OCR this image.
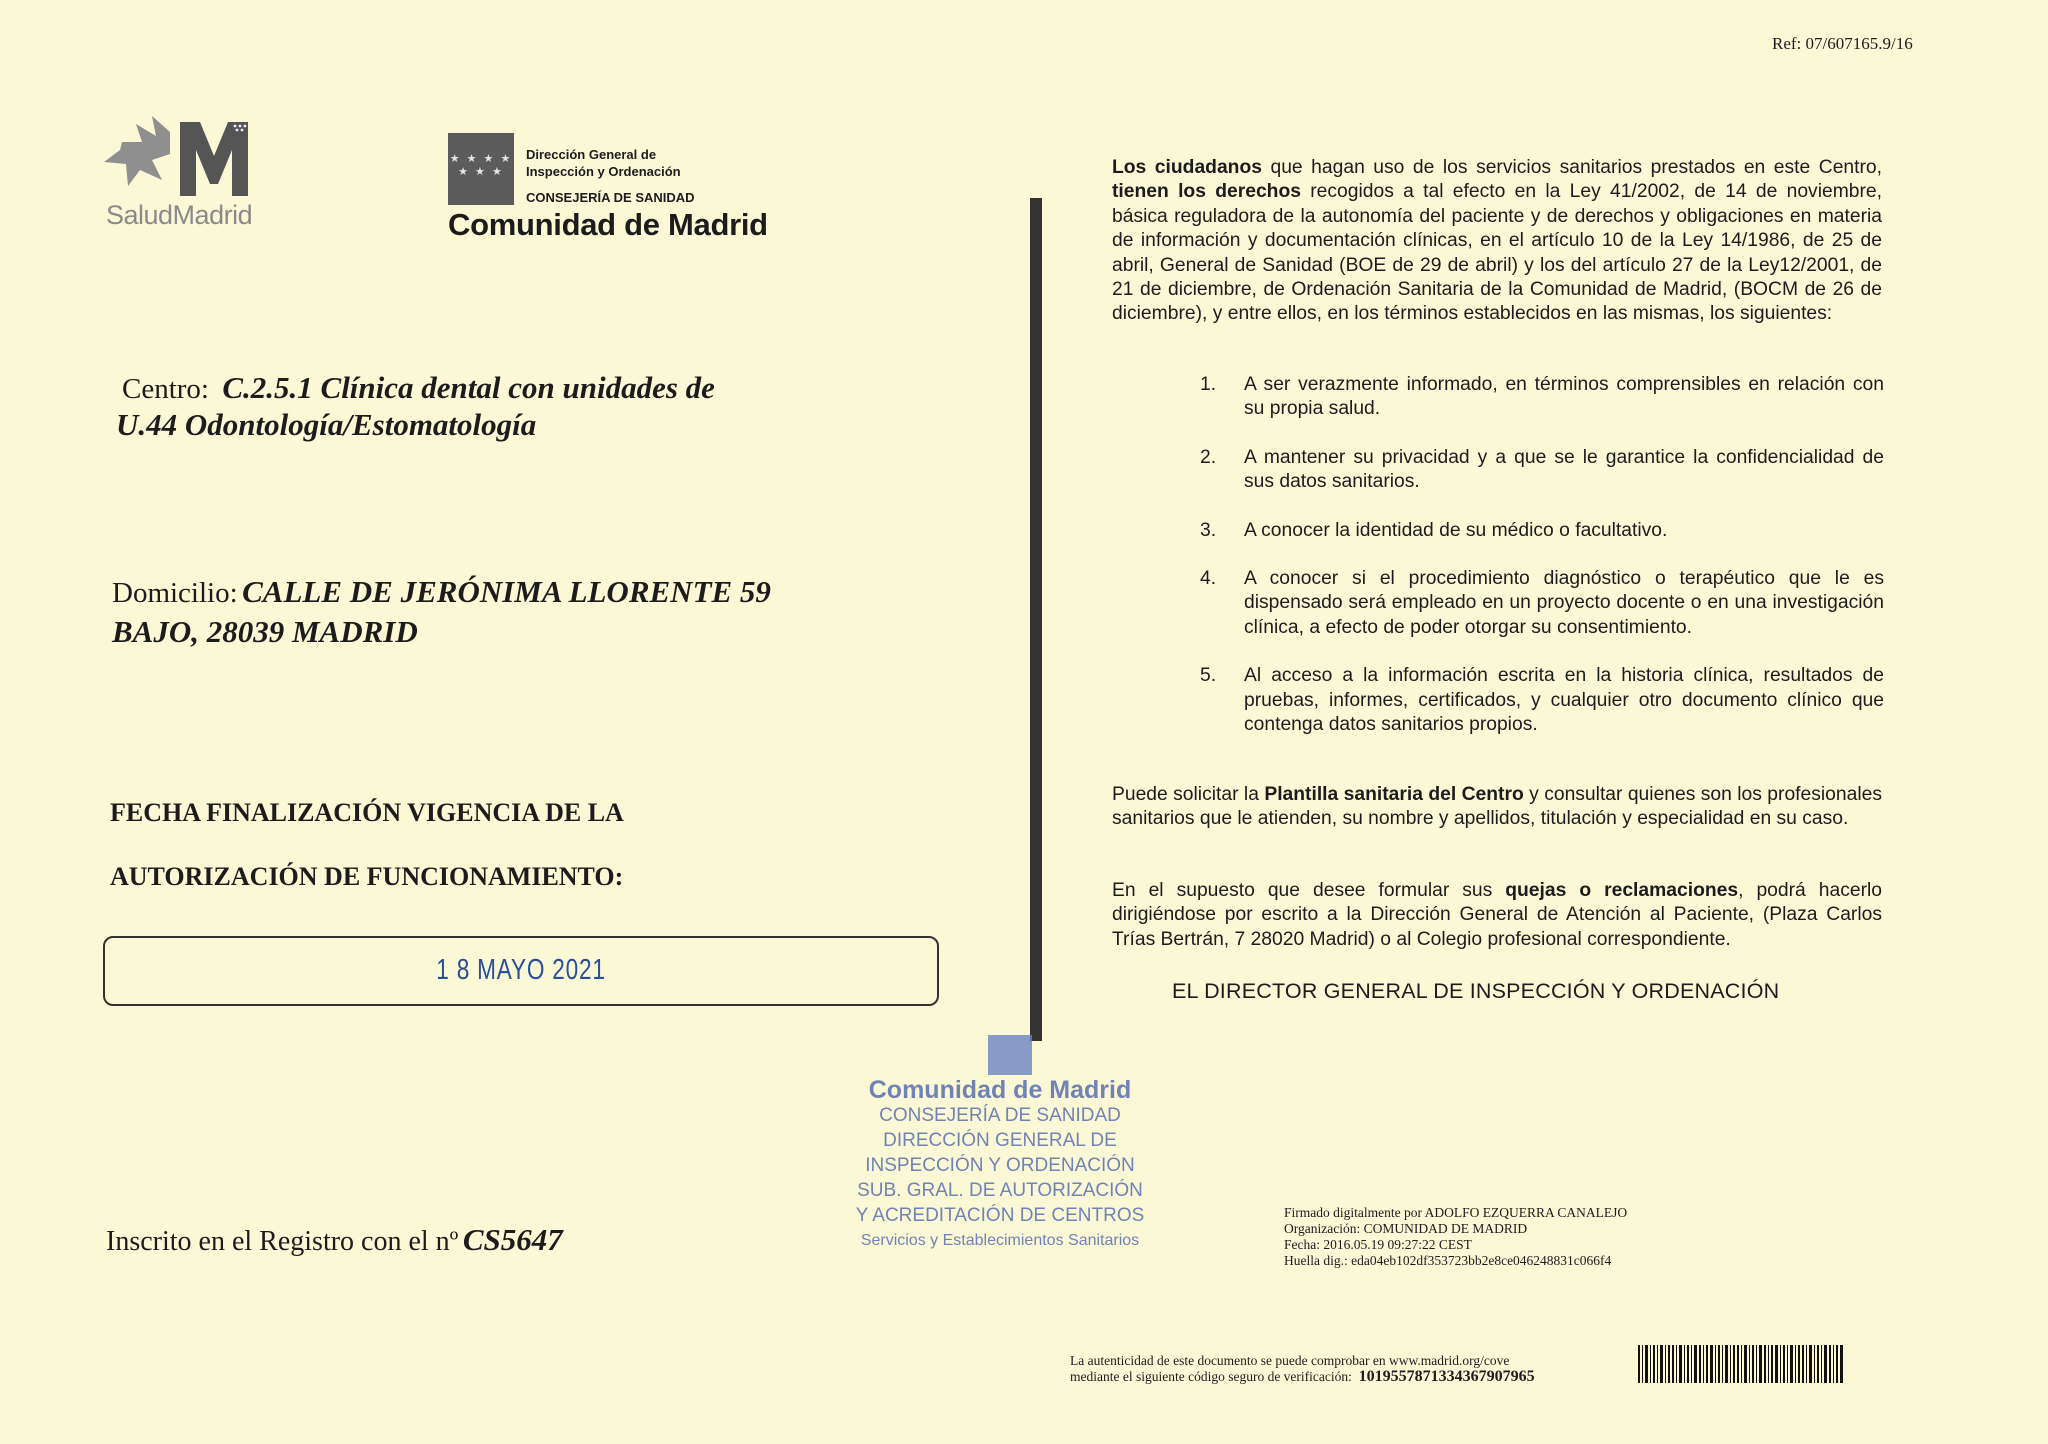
Ref: 07/607165.9/16
SaludMadrid
★ ★ ★ ★
★ ★ ★
Dirección General de
Inspección y Ordenación
CONSEJERÍA DE SANIDAD
Comunidad de Madrid
Centro: C.2.5.1 Clínica dental con unidades de
U.44 Odontología/Estomatología
Domicilio: CALLE DE JERÓNIMA LLORENTE 59
BAJO, 28039 MADRID
FECHA FINALIZACIÓN VIGENCIA DE LA
AUTORIZACIÓN DE FUNCIONAMIENTO:
1 8 MAYO 2021
Inscrito en el Registro con el nº CS5647
Comunidad de Madrid
CONSEJERÍA DE SANIDAD
DIRECCIÓN GENERAL DE
INSPECCIÓN Y ORDENACIÓN
SUB. GRAL. DE AUTORIZACIÓN
Y ACREDITACIÓN DE CENTROS
Servicios y Establecimientos Sanitarios
Los ciudadanos que hagan uso de los servicios sanitarios prestados en este Centro, tienen los derechos recogidos a tal efecto en la Ley 41/2002, de 14 de noviembre, básica reguladora de la autonomía del paciente y de derechos y obligaciones en materia de información y documentación clínicas, en el artículo 10 de la Ley 14/1986, de 25 de abril, General de Sanidad (BOE de 29 de abril) y los del artículo 27 de la Ley12/2001, de 21 de diciembre, de Ordenación Sanitaria de la Comunidad de Madrid, (BOCM de 26 de diciembre), y entre ellos, en los términos establecidos en las mismas, los siguientes:
1. A ser verazmente informado, en términos comprensibles en relación con su propia salud.
2. A mantener su privacidad y a que se le garantice la confidencialidad de sus datos sanitarios.
3. A conocer la identidad de su médico o facultativo.
4. A conocer si el procedimiento diagnóstico o terapéutico que le es dispensado será empleado en un proyecto docente o en una investigación clínica, a efecto de poder otorgar su consentimiento.
5. Al acceso a la información escrita en la historia clínica, resultados de pruebas, informes, certificados, y cualquier otro documento clínico que contenga datos sanitarios propios.
Puede solicitar la Plantilla sanitaria del Centro y consultar quienes son los profesionales sanitarios que le atienden, su nombre y apellidos, titulación y especialidad en su caso.
En el supuesto que desee formular sus quejas o reclamaciones, podrá hacerlo dirigiéndose por escrito a la Dirección General de Atención al Paciente, (Plaza Carlos Trías Bertrán, 7 28020 Madrid) o al Colegio profesional correspondiente.
EL DIRECTOR GENERAL DE INSPECCIÓN Y ORDENACIÓN
Firmado digitalmente por ADOLFO EZQUERRA CANALEJO
Organización: COMUNIDAD DE MADRID
Fecha: 2016.05.19 09:27:22 CEST
Huella dig.: eda04eb102df353723bb2e8ce046248831c066f4
La autenticidad de este documento se puede comprobar en www.madrid.org/cove
mediante el siguiente código seguro de verificación: 1019557871334367907965
